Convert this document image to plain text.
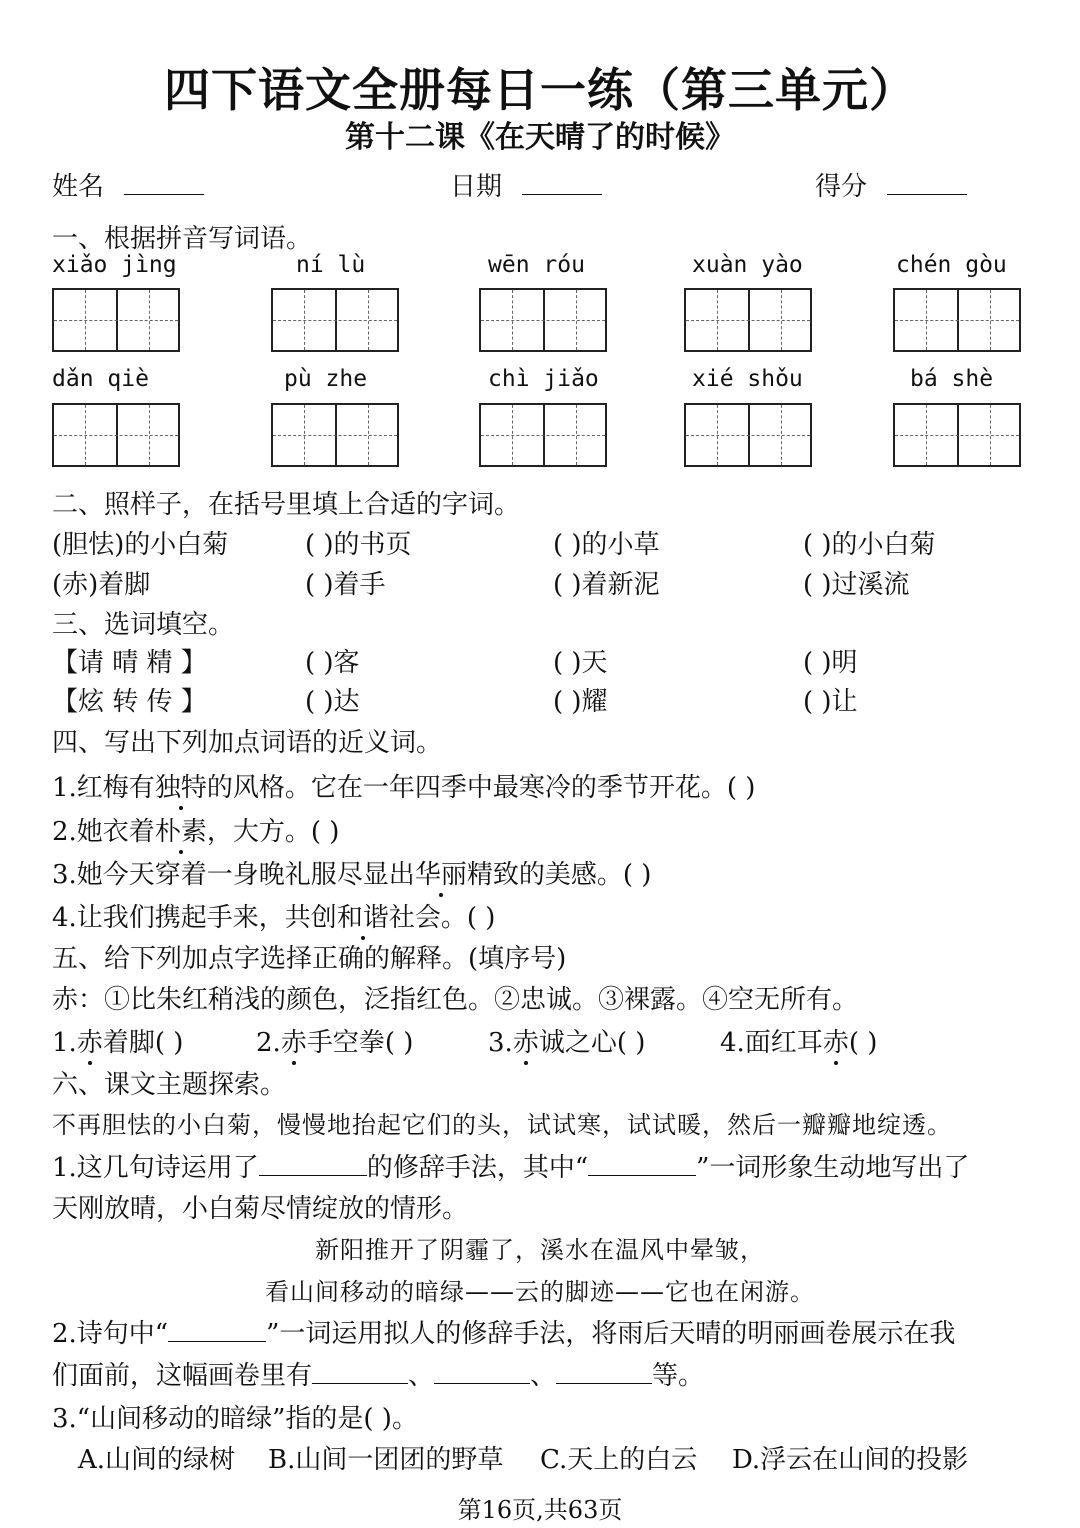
四下语文全册每日一练（第三单元）
第十二课《在天晴了的时候》
姓名	日期	得分
一、根据拼音写词语。
xiǎo jìng	ní lù	wēn róu	xuàn yào	chén gòu
dǎn qiè	pù zhe	chì jiǎo	xié shǒu	bá shè
二、照样子，在括号里填上合适的字词。
(胆怯)的小白菊	( )的书页	( )的小草	( )的小白菊
(赤)着脚	( )着手	( )着新泥	( )过溪流
三、选词填空。
【请 晴 精 】	( )客	( )天	( )明
【炫 转 传 】	( )达	( )耀	( )让
四、写出下列加点词语的近义词。
1.红梅有独特的风格。它在一年四季中最寒冷的季节开花。( )
2.她衣着朴素，大方。( )
3.她今天穿着一身晚礼服尽显出华丽精致的美感。( )
4.让我们携起手来，共创和谐社会。( )
五、给下列加点字选择正确的解释。(填序号)
赤：①比朱红稍浅的颜色，泛指红色。②忠诚。③裸露。④空无所有。
1.赤着脚( )	2.赤手空拳( )	3.赤诚之心( )	4.面红耳赤( )
六、课文主题探索。
不再胆怯的小白菊，慢慢地抬起它们的头，试试寒，试试暖，然后一瓣瓣地绽透。
1.这几句诗运用了	的修辞手法，其中“	”一词形象生动地写出了
天刚放晴，小白菊尽情绽放的情形。
新阳推开了阴霾了，溪水在温风中晕皱，
看山间移动的暗绿——云的脚迹——它也在闲游。
2.诗句中“	”一词运用拟人的修辞手法，将雨后天晴的明丽画卷展示在我
们面前，这幅画卷里有	、	、	等。
3.“山间移动的暗绿”指的是( )。
A.山间的绿树 B.山间一团团的野草 C.天上的白云 D.浮云在山间的投影
第16页,共63页
